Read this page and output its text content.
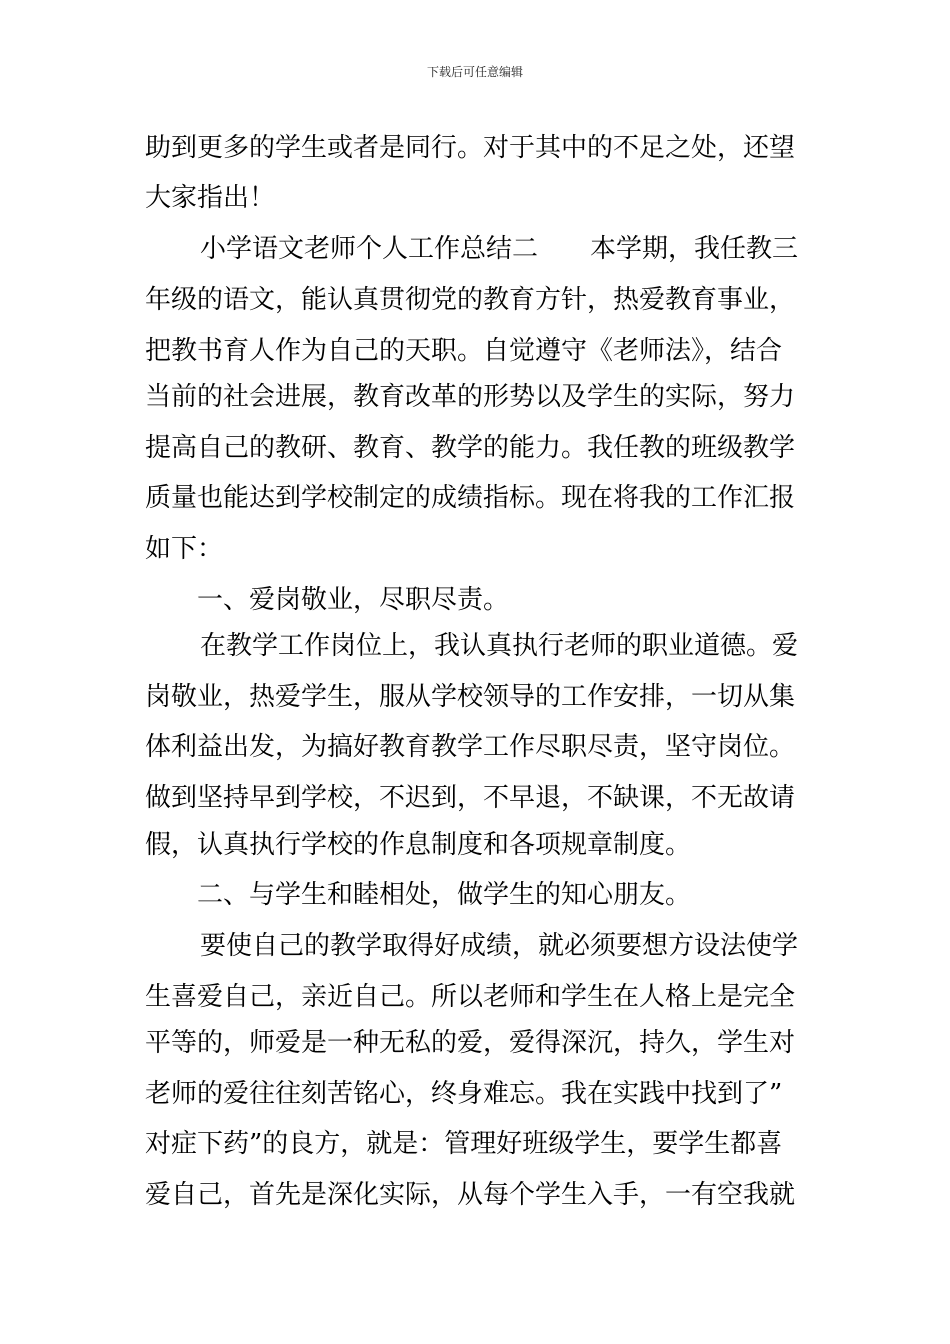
下载后可任意编辑
助到更多的学生或者是同行。对于其中的不足之处，还望
大家指出！
小学语文老师个人工作总结二　　本学期，我任教三
年级的语文，能认真贯彻党的教育方针，热爱教育事业，
把教书育人作为自己的天职。自觉遵守《老师法》，结合
当前的社会进展，教育改革的形势以及学生的实际，努力
提高自己的教研、教育、教学的能力。我任教的班级教学
质量也能达到学校制定的成绩指标。现在将我的工作汇报
如下：
一、爱岗敬业，尽职尽责。
在教学工作岗位上，我认真执行老师的职业道德。爱
岗敬业，热爱学生，服从学校领导的工作安排，一切从集
体利益出发，为搞好教育教学工作尽职尽责，坚守岗位。
做到坚持早到学校，不迟到，不早退，不缺课，不无故请
假，认真执行学校的作息制度和各项规章制度。
二、与学生和睦相处，做学生的知心朋友。
要使自己的教学取得好成绩，就必须要想方设法使学
生喜爱自己，亲近自己。所以老师和学生在人格上是完全
平等的，师爱是一种无私的爱，爱得深沉，持久，学生对
老师的爱往往刻苦铭心，终身难忘。我在实践中找到了”
对症下药”的良方，就是：管理好班级学生，要学生都喜
爱自己，首先是深化实际，从每个学生入手，一有空我就
